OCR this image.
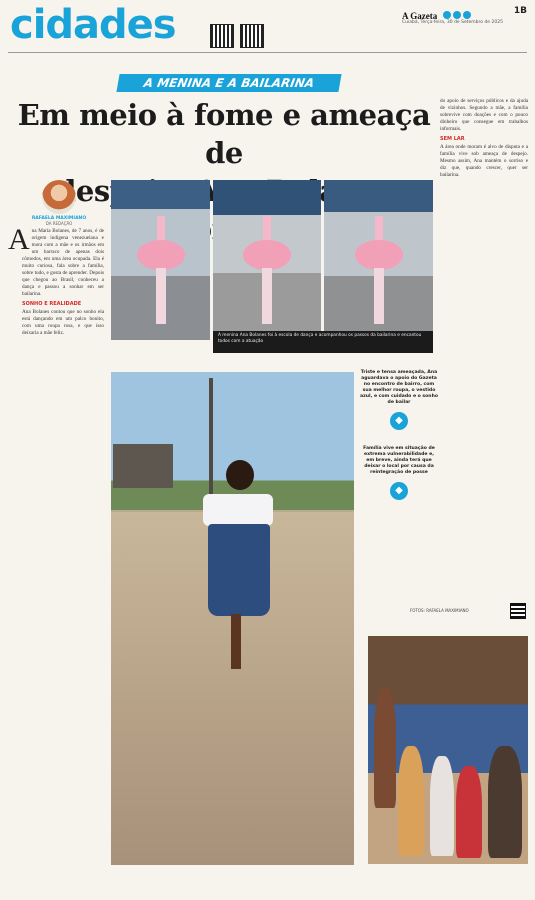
cidades	A Gazeta	1B
Cuiabá, Terça-feira, 30 de Setembro de 2025
A MENINA E A BAILARINA
Em meio à fome e ameaça de
RAFAELA MAXIMIANO
DA REDAÇÃO
A na Maria Bolanes, de 7 anos, é de origem indígena venezuelana e mora com a mãe e os irmãos em um barraco de apenas dois cômodos, em uma área ocupada. Ela é muito curiosa, fala sobre a família, sobre tudo, e gosta de aprender. Depois que chegou ao Brasil, conheceu a dança e passou a sonhar em ser bailarina.
SONHO E REALIDADE
Ana Bolanes contou que no sonho ela está dançando em um palco bonito, com uma roupa rosa, e que isso deixaria a mãe feliz.	A menina Ana Bolanes foi à escola de dança e acompanhou os passos da bailarina e encantou todos com a atuação
do apoio de serviços públicos e da ajuda de vizinhos. Segundo a mãe, a família sobrevive com doações e com o pouco dinheiro que consegue em trabalhos informais.
SEM LAR
A área onde moram é alvo de disputa e a família vive sob ameaça de despejo. Mesmo assim, Ana mantém o sorriso e diz que, quando crescer, quer ser bailarina.
Triste e tensa ameaçada, Ana aguardava o apoio do Gazeta no encontro de bairro, com sua melhor roupa, o vestido azul, e com cuidado e o sonho de bailar
◆
Família vive em situação de extrema vulnerabilidade e, em breve, ainda terá que deixar o local por causa da reintegração de posse
◆
FOTOS: RAFAELA MAXIMIANO
